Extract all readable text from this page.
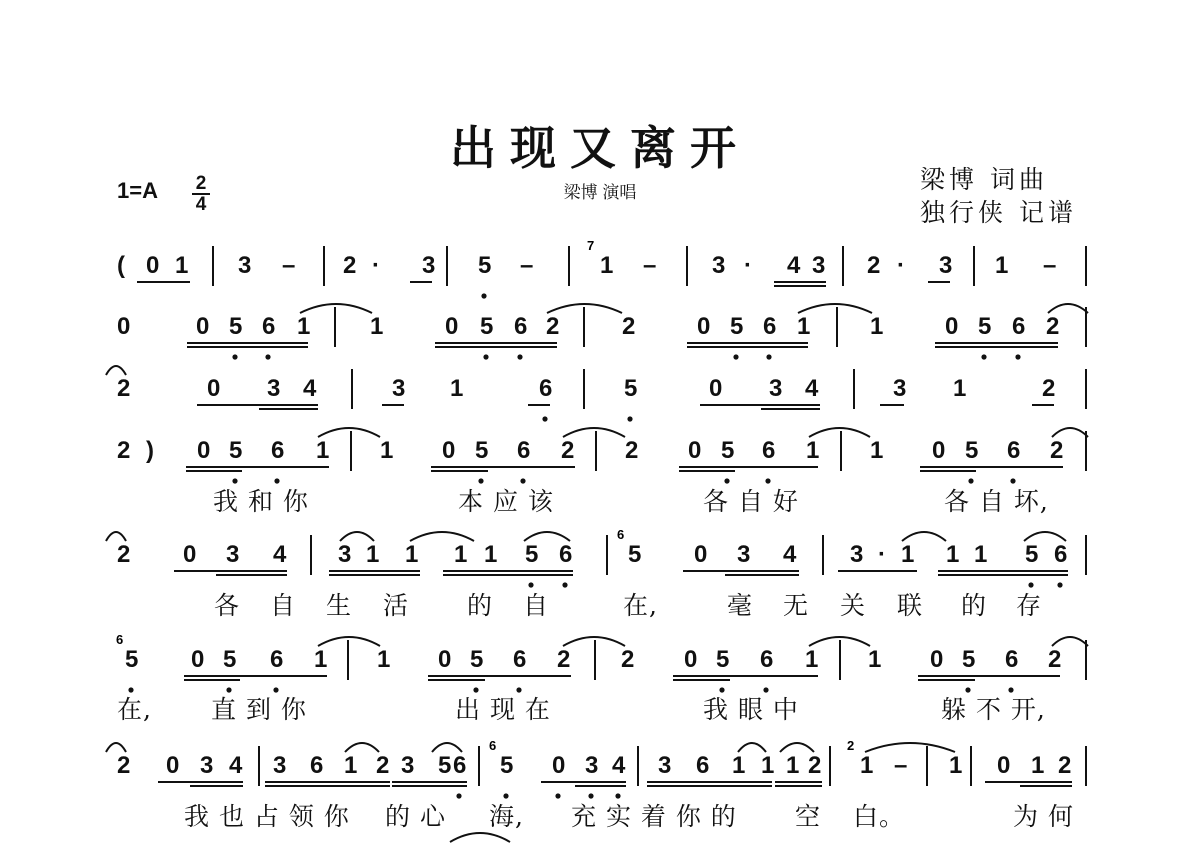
出现又离开
梁博 演唱	梁博 词曲
独行侠 记谱
1=A	2
4
( 0 1 3 – 2 · 3 5 –	1 – 3 · 4 3 2 · 3 1 –
0	0 5 6 1 1	0 5 6 2	2	0 5 6 1 1	0 5 6 2
2	0 3 4	3 1	6	5	0 3 4	3 1	2
2 ) 0 5 6 1 1 0 5 6 2 2 0 5 6 1 1 0 5 6 2
我 和 你	本 应 该	各 自 好	各 自 坏,
2 0 3 4 3 1 1 1 1 5 6 5 0 3 4 3 · 1 1 1 5 6
各 自 生 活 的 自	在,	毫 无 关 联 的 存
5 0 5 6 1 1 0 5 6 2 2 0 5 6 1 1 0 5 6 2
在, 直 到 你	出 现 在	我 眼 中	躲 不 开,
2 0 3 4 3 6 1 2 3 5 6 5 0 3 4 3 6 1 1 1 2 1 – 1 0 1 2
我 也 占 领 你 的 心 海, 充 实 着 你 的 空 白。	为 何
7
6
6
6	2
